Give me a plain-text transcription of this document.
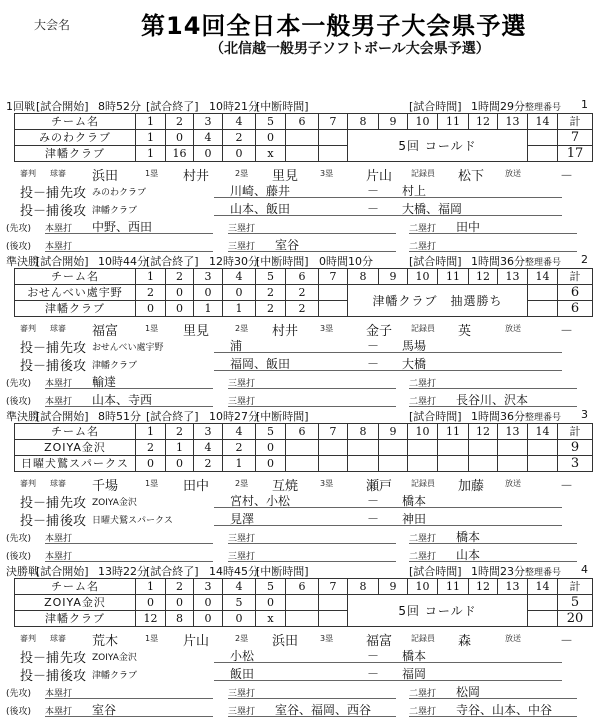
大会名	第14回全日本一般男子大会県予選
（北信越一般男子ソフトボール大会県予選）
1回戦 [試合開始] 8時52分 [試合終了] 10時21分
[中断時間]	[試合時間] 1時間29分 整理番号 1
チーム名	1	2	3	4	5	6	7	8	9	10	11	12	13	14	計
みのわクラブ	1	0	4	2	0			5回 コールド							7
津幡クラブ	1	16	0	0	x										17
審判 球審 浜田	1塁 村井	2塁 里見	3塁	片山 記録員 松下	放送	－
投－捕 先攻 みのわクラブ	川崎、藤井	－	村上
投－捕 後攻 津幡クラブ	山本、飯田	－	大橋、福岡
(先攻) 本塁打	中野、西田	三塁打	二塁打	田中
(後攻) 本塁打	三塁打	室谷	二塁打
準決勝
[試合開始] 10時44分
[試合終了] 12時30分
[中断時間] 0時間10分	[試合時間] 1時間36分 整理番号 2
チーム名	1	2	3	4	5	6	7	8	9	10	11	12	13	14	計
おせんべい處宇野	2	0	0	0	2	2		津幡クラブ　抽選勝ち							6
津幡クラブ	0	0	1	1	2	2									6
審判 球審 福富	1塁 里見	2塁 村井	3塁	金子 記録員 英	放送	－
投－捕 先攻 おせんべい處宇野	浦	－	馬場
投－捕 後攻 津幡クラブ	福岡、飯田	－	大橋
(先攻) 本塁打	輸達	三塁打	二塁打
(後攻) 本塁打	山本、寺西	三塁打	二塁打	長谷川、沢本
準決勝
[試合開始] 8時51分 [試合終了] 10時27分
[中断時間]	[試合時間] 1時間36分 整理番号 3
チーム名	1	2	3	4	5	6	7	8	9	10	11	12	13	14	計
ZOIYA金沢	2	1	4	2	0										9
日曜犬鷲スパークス	0	0	2	1	0										3
審判 球審 千場	1塁 田中	2塁 互焼	3塁	瀬戸 記録員 加藤	放送	－
投－捕 先攻 ZOIYA金沢	宮村、小松	－	橋本
投－捕 後攻 日曜犬鷲スパークス	見澤	－	神田
(先攻) 本塁打	三塁打	二塁打	橋本
(後攻) 本塁打	三塁打	二塁打	山本
決勝戦
[試合開始] 13時22分
[試合終了] 14時45分
[中断時間]	[試合時間] 1時間23分 整理番号 4
チーム名	1	2	3	4	5	6	7	8	9	10	11	12	13	14	計
ZOIYA金沢	0	0	0	5	0			5回 コールド							5
津幡クラブ	12	8	0	0	x										20
審判 球審 荒木	1塁 片山	2塁 浜田	3塁	福富 記録員 森	放送	－
投－捕 先攻 ZOIYA金沢	小松	－	橋本
投－捕 後攻 津幡クラブ	飯田	－	福岡
(先攻) 本塁打	三塁打	二塁打	松岡
(後攻) 本塁打	室谷	三塁打	室谷、福岡、西谷	二塁打	寺谷、山本、中谷
